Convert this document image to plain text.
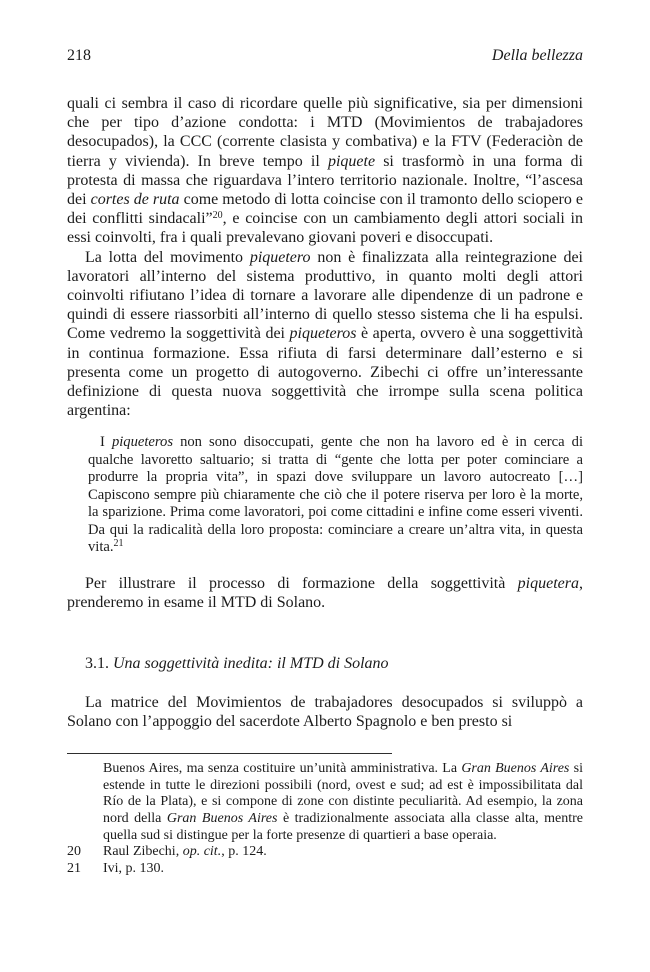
218	Della bellezza

quali ci sembra il caso di ricordare quelle più significative, sia per dimensioni che per tipo d’azione condotta: i MTD (Movimientos de trabajadores desocupados), la CCC (corrente clasista y combativa) e la FTV (Federaciòn de tierra y vivienda). In breve tempo il piquete si trasformò in una forma di protesta di massa che riguardava l’intero territorio nazionale. Inoltre, “l’ascesa dei cortes de ruta come metodo di lotta coincise con il tramonto dello sciopero e dei conflitti sindacali”$^{20}$, e coincise con un cambiamento degli attori sociali in essi coinvolti, fra i quali prevalevano giovani poveri e disoccupati.

La lotta del movimento piquetero non è finalizzata alla reintegrazione dei lavoratori all’interno del sistema produttivo, in quanto molti degli attori coinvolti rifiutano l’idea di tornare a lavorare alle dipendenze di un padrone e quindi di essere riassorbiti all’interno di quello stesso sistema che li ha espulsi. Come vedremo la soggettività dei piqueteros è aperta, ovvero è una soggettività in continua formazione. Essa rifiuta di farsi determinare dall’esterno e si presenta come un progetto di autogoverno. Zibechi ci offre un’interessante definizione di questa nuova soggettività che irrompe sulla scena politica argentina:

I piqueteros non sono disoccupati, gente che non ha lavoro ed è in cerca di qualche lavoretto saltuario; si tratta di “gente che lotta per poter cominciare a produrre la propria vita”, in spazi dove sviluppare un lavoro autocreato […] Capiscono sempre più chiaramente che ciò che il potere riserva per loro è la morte, la sparizione. Prima come lavoratori, poi come cittadini e infine come esseri viventi. Da qui la radicalità della loro proposta: cominciare a creare un’altra vita, in questa vita.$^{21}$

Per illustrare il processo di formazione della soggettività piquetera, prenderemo in esame il MTD di Solano.

3.1. Una soggettività inedita: il MTD di Solano

La matrice del Movimientos de trabajadores desocupados si sviluppò a Solano con l’appoggio del sacerdote Alberto Spagnolo e ben presto si

Buenos Aires, ma senza costituire un’unità amministrativa. La Gran Buenos Aires si estende in tutte le direzioni possibili (nord, ovest e sud; ad est è impossibilitata dal Río de la Plata), e si compone di zone con distinte peculiarità. Ad esempio, la zona nord della Gran Buenos Aires è tradizionalmente associata alla classe alta, mentre quella sud si distingue per la forte presenze di quartieri a base operaia.
20 Raul Zibechi, op. cit., p. 124.
21 Ivi, p. 130.
